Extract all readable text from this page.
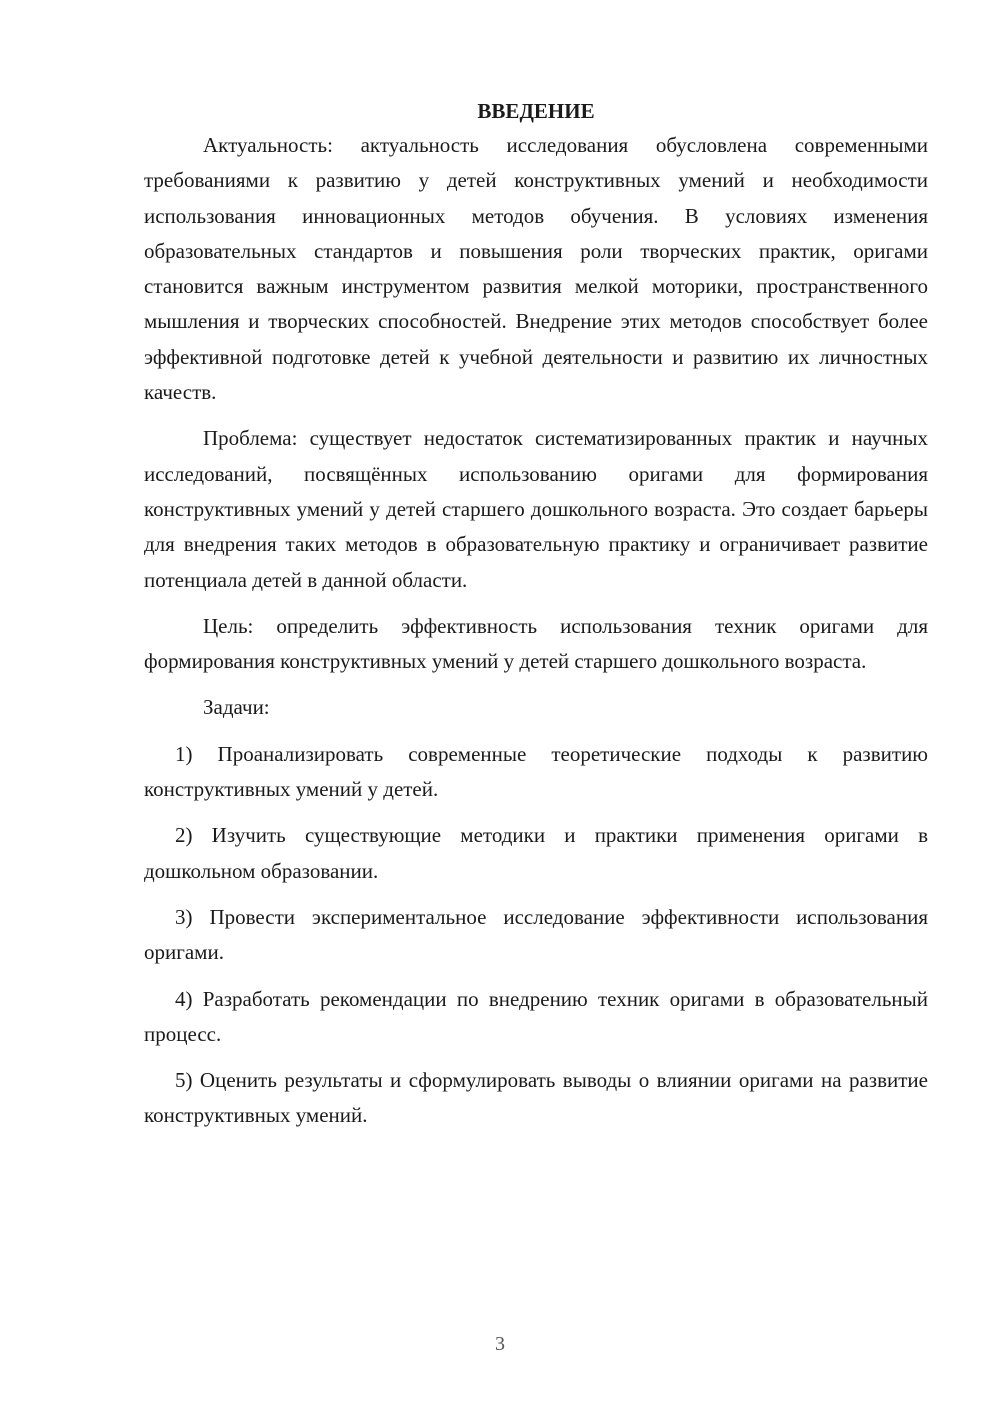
ВВЕДЕНИЕ

Актуальность: актуальность исследования обусловлена современными требованиями к развитию у детей конструктивных умений и необходимости использования инновационных методов обучения. В условиях изменения образовательных стандартов и повышения роли творческих практик, оригами становится важным инструментом развития мелкой моторики, пространственного мышления и творческих способностей. Внедрение этих методов способствует более эффективной подготовке детей к учебной деятельности и развитию их личностных качеств.

Проблема: существует недостаток систематизированных практик и научных исследований, посвящённых использованию оригами для формирования конструктивных умений у детей старшего дошкольного возраста. Это создает барьеры для внедрения таких методов в образовательную практику и ограничивает развитие потенциала детей в данной области.

Цель: определить эффективность использования техник оригами для формирования конструктивных умений у детей старшего дошкольного возраста.

Задачи:

1) Проанализировать современные теоретические подходы к развитию конструктивных умений у детей.

2) Изучить существующие методики и практики применения оригами в дошкольном образовании.

3) Провести экспериментальное исследование эффективности использования оригами.

4) Разработать рекомендации по внедрению техник оригами в образовательный процесс.

5) Оценить результаты и сформулировать выводы о влиянии оригами на развитие конструктивных умений.

3
